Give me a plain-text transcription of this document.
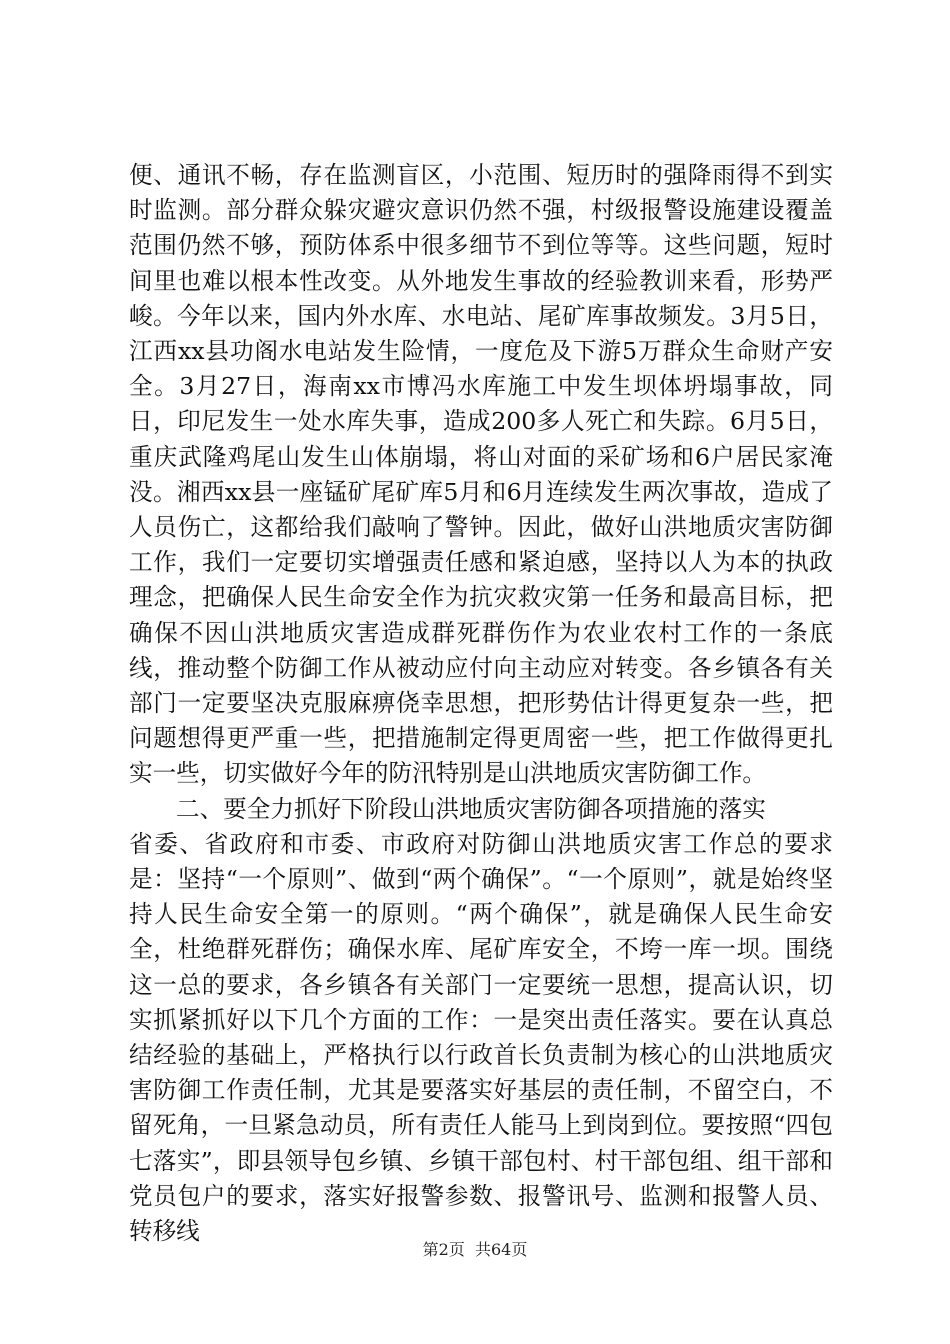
便、通讯不畅，存在监测盲区，小范围、短历时的强降雨得不到实时监测。部分群众躲灾避灾意识仍然不强，村级报警设施建设覆盖范围仍然不够，预防体系中很多细节不到位等等。这些问题，短时间里也难以根本性改变。从外地发生事故的经验教训来看，形势严峻。今年以来，国内外水库、水电站、尾矿库事故频发。3月5日，江西xx县功阁水电站发生险情，一度危及下游5万群众生命财产安全。3月27日，海南xx市博冯水库施工中发生坝体坍塌事故，同日，印尼发生一处水库失事，造成200多人死亡和失踪。6月5日，重庆武隆鸡尾山发生山体崩塌，将山对面的采矿场和6户居民家淹没。湘西xx县一座锰矿尾矿库5月和6月连续发生两次事故，造成了人员伤亡，这都给我们敲响了警钟。因此，做好山洪地质灾害防御工作，我们一定要切实增强责任感和紧迫感，坚持以人为本的执政理念，把确保人民生命安全作为抗灾救灾第一任务和最高目标，把确保不因山洪地质灾害造成群死群伤作为农业农村工作的一条底线，推动整个防御工作从被动应付向主动应对转变。各乡镇各有关部门一定要坚决克服麻痹侥幸思想，把形势估计得更复杂一些，把问题想得更严重一些，把措施制定得更周密一些，把工作做得更扎实一些，切实做好今年的防汛特别是山洪地质灾害防御工作。

二、要全力抓好下阶段山洪地质灾害防御各项措施的落实

省委、省政府和市委、市政府对防御山洪地质灾害工作总的要求是：坚持“一个原则”、做到“两个确保”。“一个原则”，就是始终坚持人民生命安全第一的原则。“两个确保”，就是确保人民生命安全，杜绝群死群伤；确保水库、尾矿库安全，不垮一库一坝。围绕这一总的要求，各乡镇各有关部门一定要统一思想，提高认识，切实抓紧抓好以下几个方面的工作：一是突出责任落实。要在认真总结经验的基础上，严格执行以行政首长负责制为核心的山洪地质灾害防御工作责任制，尤其是要落实好基层的责任制，不留空白，不留死角，一旦紧急动员，所有责任人能马上到岗到位。要按照“四包七落实”，即县领导包乡镇、乡镇干部包村、村干部包组、组干部和党员包户的要求，落实好报警参数、报警讯号、监测和报警人员、转移线

第2页  共64页
